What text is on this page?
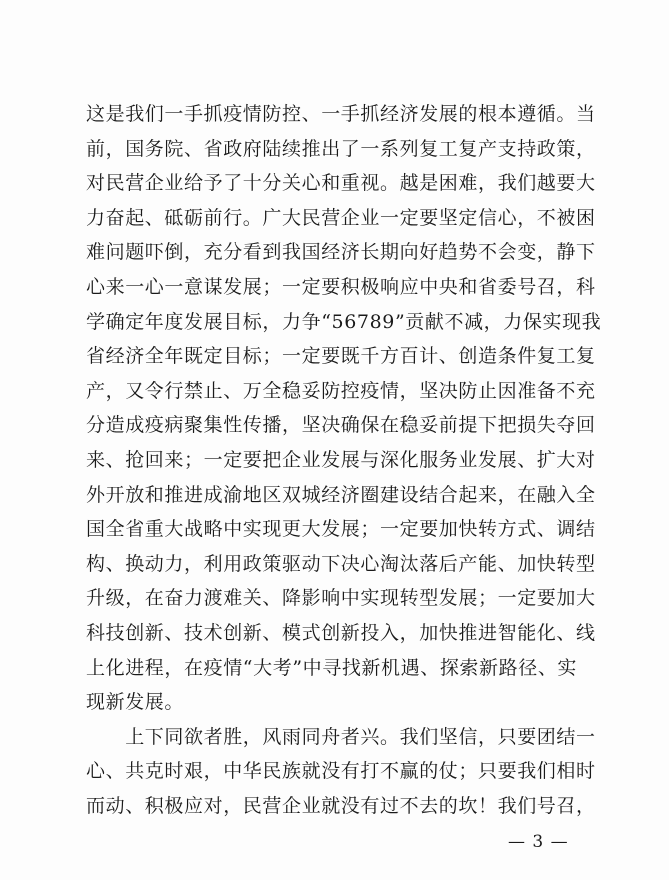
这是我们一手抓疫情防控、一手抓经济发展的根本遵循。当
前，国务院、省政府陆续推出了一系列复工复产支持政策，
对民营企业给予了十分关心和重视。越是困难，我们越要大
力奋起、砥砺前行。广大民营企业一定要坚定信心，不被困
难问题吓倒，充分看到我国经济长期向好趋势不会变，静下
心来一心一意谋发展；一定要积极响应中央和省委号召，科
学确定年度发展目标，力争“56789”贡献不减，力保实现我
省经济全年既定目标；一定要既千方百计、创造条件复工复
产，又令行禁止、万全稳妥防控疫情，坚决防止因准备不充
分造成疫病聚集性传播，坚决确保在稳妥前提下把损失夺回
来、抢回来；一定要把企业发展与深化服务业发展、扩大对
外开放和推进成渝地区双城经济圈建设结合起来，在融入全
国全省重大战略中实现更大发展；一定要加快转方式、调结
构、换动力，利用政策驱动下决心淘汰落后产能、加快转型
升级，在奋力渡难关、降影响中实现转型发展；一定要加大
科技创新、技术创新、模式创新投入，加快推进智能化、线
上化进程，在疫情“大考”中寻找新机遇、探索新路径、实
现新发展。
　　上下同欲者胜，风雨同舟者兴。我们坚信，只要团结一
心、共克时艰，中华民族就没有打不赢的仗；只要我们相时
而动、积极应对，民营企业就没有过不去的坎！我们号召，
— 3 —
